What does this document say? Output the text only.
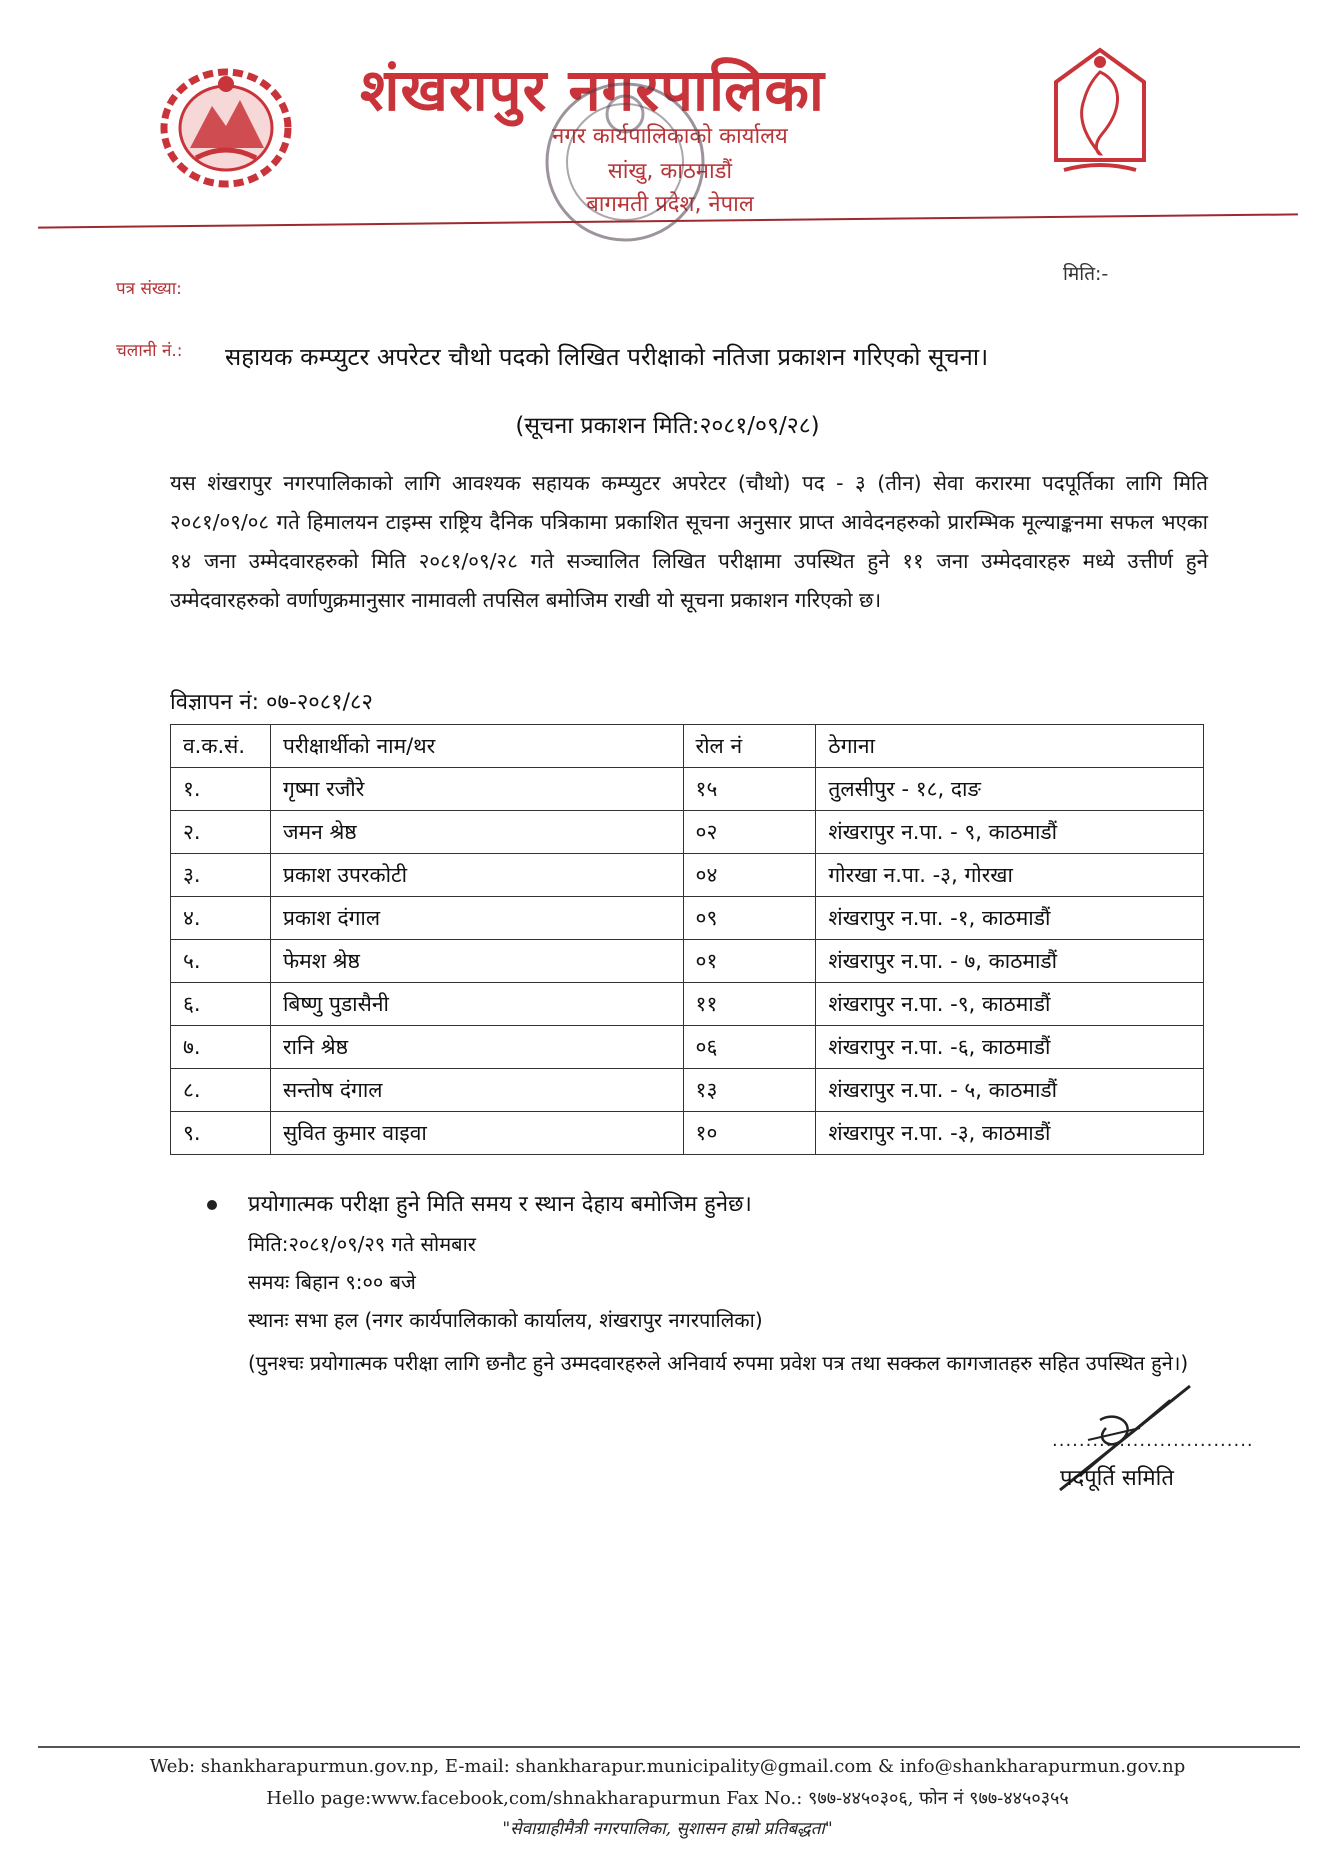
शंखरापुर नगरपालिका
नगर कार्यपालिकाको कार्यालय
सांखु, काठमाडौं
बागमती प्रदेश, नेपाल
पत्र संख्या:
मिति:-
चलानी नं.: सहायक कम्प्युटर अपरेटर चौथो पदको लिखित परीक्षाको नतिजा प्रकाशन गरिएको सूचना।
(सूचना प्रकाशन मिति:२०८१/०९/२८)
यस शंखरापुर नगरपालिकाको लागि आवश्यक सहायक कम्प्युटर अपरेटर (चौथो) पद - ३ (तीन) सेवा करारमा पदपूर्तिका लागि मिति २०८१/०९/०८ गते हिमालयन टाइम्स राष्ट्रिय दैनिक पत्रिकामा प्रकाशित सूचना अनुसार प्राप्त आवेदनहरुको प्रारम्भिक मूल्याङ्कनमा सफल भएका १४ जना उम्मेदवारहरुको मिति २०८१/०९/२८ गते सञ्चालित लिखित परीक्षामा उपस्थित हुने ११ जना उम्मेदवारहरु मध्ये उत्तीर्ण हुने उम्मेदवारहरुको वर्णाणुक्रमानुसार नामावली तपसिल बमोजिम राखी यो सूचना प्रकाशन गरिएको छ।
विज्ञापन नं: ०७-२०८१/८२
व.क.सं.	परीक्षार्थीको नाम/थर	रोल नं	ठेगाना
१.	गृष्मा रजौरे	१५	तुलसीपुर - १८, दाङ
२.	जमन श्रेष्ठ	०२	शंखरापुर न.पा. - ९, काठमाडौं
३.	प्रकाश उपरकोटी	०४	गोरखा न.पा. -३, गोरखा
४.	प्रकाश दंगाल	०९	शंखरापुर न.पा. -१, काठमाडौं
५.	फेमश श्रेष्ठ	०१	शंखरापुर न.पा. - ७, काठमाडौं
६.	बिष्णु पुडासैनी	११	शंखरापुर न.पा. -९, काठमाडौं
७.	रानि श्रेष्ठ	०६	शंखरापुर न.पा. -६, काठमाडौं
८.	सन्तोष दंगाल	१३	शंखरापुर न.पा. - ५, काठमाडौं
९.	सुवित कुमार वाइवा	१०	शंखरापुर न.पा. -३, काठमाडौं
प्रयोगात्मक परीक्षा हुने मिति समय र स्थान देहाय बमोजिम हुनेछ।
मिति:२०८१/०९/२९ गते सोमबार
समयः बिहान ९:०० बजे
स्थानः सभा हल (नगर कार्यपालिकाको कार्यालय, शंखरापुर नगरपालिका)
(पुनश्चः प्रयोगात्मक परीक्षा लागि छनौट हुने उम्मदवारहरुले अनिवार्य रुपमा प्रवेश पत्र तथा सक्कल कागजातहरु सहित उपस्थित हुने।)
..............................
पदपूर्ति समिति
Web: shankharapurmun.gov.np, E-mail: shankharapur.municipality@gmail.com & info@shankharapurmun.gov.np
Hello page:www.facebook,com/shnakharapurmun Fax No.: ९७७-४४५०३०६, फोन नं ९७७-४४५०३५५
"सेवाग्राहीमैत्री नगरपालिका, सुशासन हाम्रो प्रतिबद्धता"
